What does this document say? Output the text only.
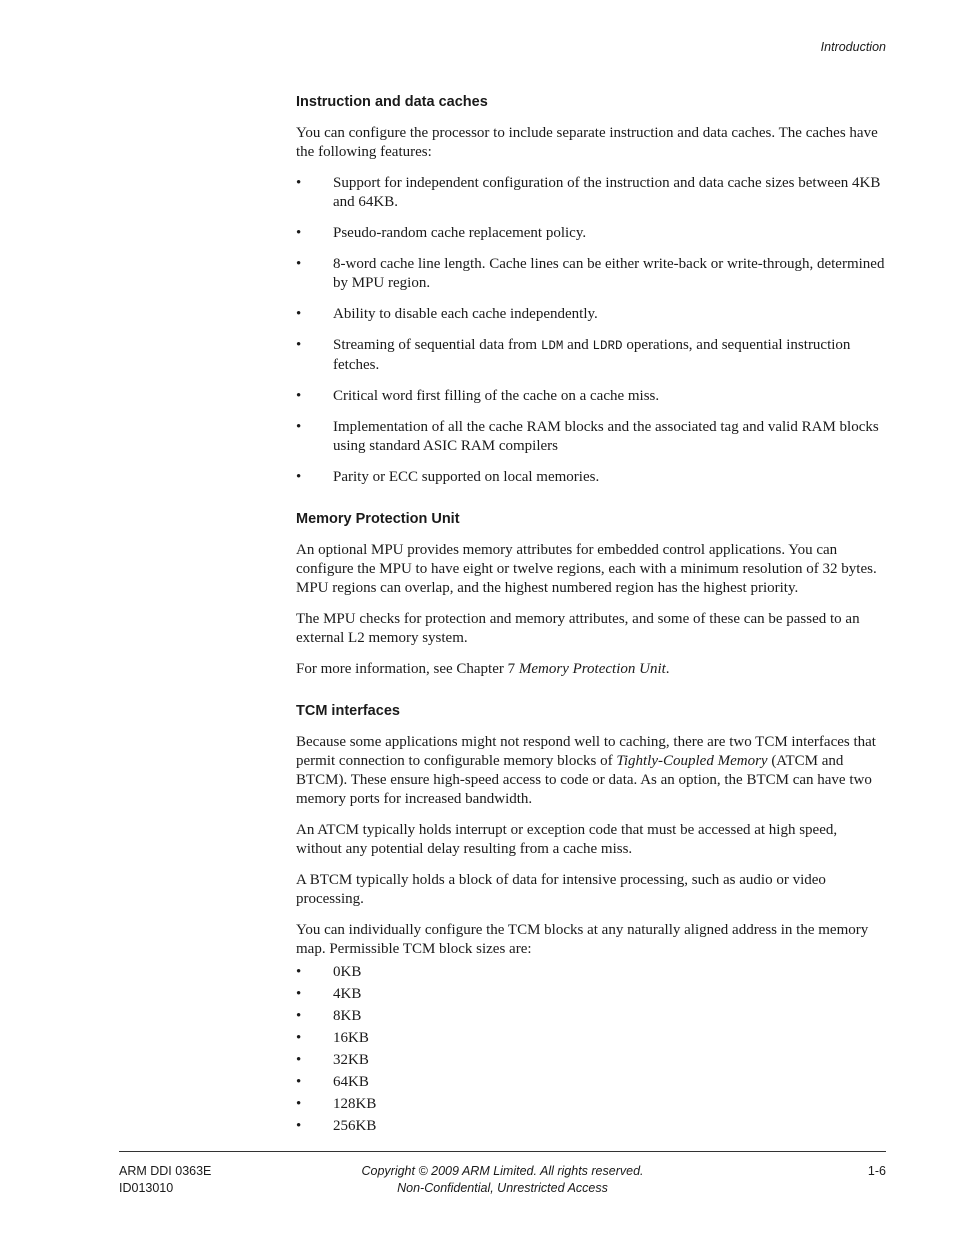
Introduction
Instruction and data caches

You can configure the processor to include separate instruction and data caches. The caches have the following features:

• Support for independent configuration of the instruction and data cache sizes between 4KB and 64KB.
• Pseudo-random cache replacement policy.
• 8-word cache line length. Cache lines can be either write-back or write-through, determined by MPU region.
• Ability to disable each cache independently.
• Streaming of sequential data from LDM and LDRD operations, and sequential instruction fetches.
• Critical word first filling of the cache on a cache miss.
• Implementation of all the cache RAM blocks and the associated tag and valid RAM blocks using standard ASIC RAM compilers
• Parity or ECC supported on local memories.
Memory Protection Unit

An optional MPU provides memory attributes for embedded control applications. You can configure the MPU to have eight or twelve regions, each with a minimum resolution of 32 bytes. MPU regions can overlap, and the highest numbered region has the highest priority.

The MPU checks for protection and memory attributes, and some of these can be passed to an external L2 memory system.

For more information, see Chapter 7 Memory Protection Unit.

TCM interfaces

Because some applications might not respond well to caching, there are two TCM interfaces that permit connection to configurable memory blocks of Tightly-Coupled Memory (ATCM and BTCM). These ensure high-speed access to code or data. As an option, the BTCM can have two memory ports for increased bandwidth.

An ATCM typically holds interrupt or exception code that must be accessed at high speed, without any potential delay resulting from a cache miss.

A BTCM typically holds a block of data for intensive processing, such as audio or video processing.

You can individually configure the TCM blocks at any naturally aligned address in the memory map. Permissible TCM block sizes are:

• 0KB
• 4KB
• 8KB
• 16KB
• 32KB
• 64KB
• 128KB
• 256KB
ARM DDI 0363E
ID013010
Copyright © 2009 ARM Limited. All rights reserved.
Non-Confidential, Unrestricted Access
1-6
